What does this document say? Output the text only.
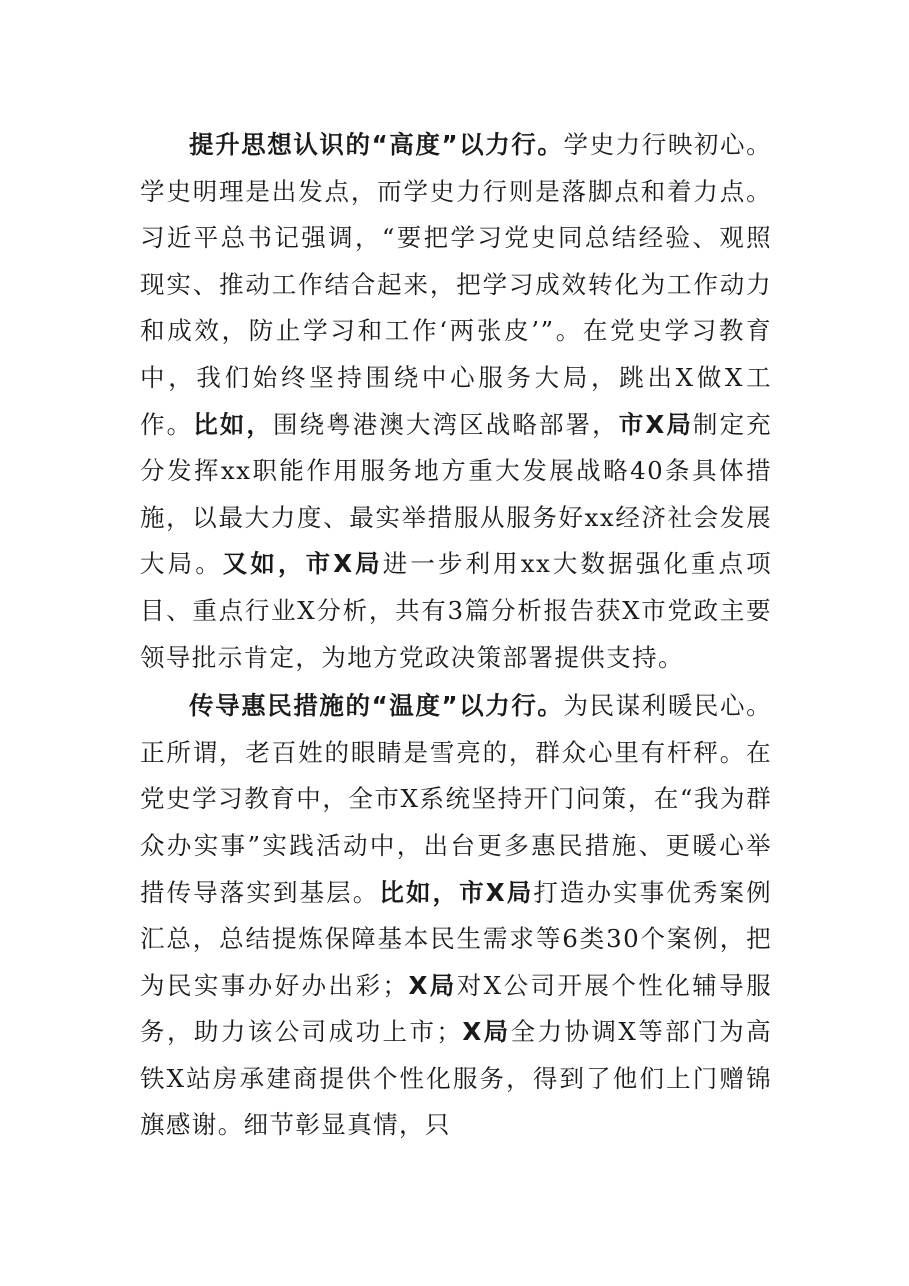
提升思想认识的“高度”以力行。学史力行映初心。学史明理是出发点，而学史力行则是落脚点和着力点。习近平总书记强调，“要把学习党史同总结经验、观照现实、推动工作结合起来，把学习成效转化为工作动力和成效，防止学习和工作‘两张皮’”。在党史学习教育中，我们始终坚持围绕中心服务大局，跳出X做X工作。比如，围绕粤港澳大湾区战略部署，市X局制定充分发挥xx职能作用服务地方重大发展战略40条具体措施，以最大力度、最实举措服从服务好xx经济社会发展大局。又如，市X局进一步利用xx大数据强化重点项目、重点行业X分析，共有3篇分析报告获X市党政主要领导批示肯定，为地方党政决策部署提供支持。

传导惠民措施的“温度”以力行。为民谋利暖民心。正所谓，老百姓的眼睛是雪亮的，群众心里有杆秤。在党史学习教育中，全市X系统坚持开门问策，在“我为群众办实事”实践活动中，出台更多惠民措施、更暖心举措传导落实到基层。比如，市X局打造办实事优秀案例汇总，总结提炼保障基本民生需求等6类30个案例，把为民实事办好办出彩；X局对X公司开展个性化辅导服务，助力该公司成功上市；X局全力协调X等部门为高铁X站房承建商提供个性化服务，得到了他们上门赠锦旗感谢。细节彰显真情，只
